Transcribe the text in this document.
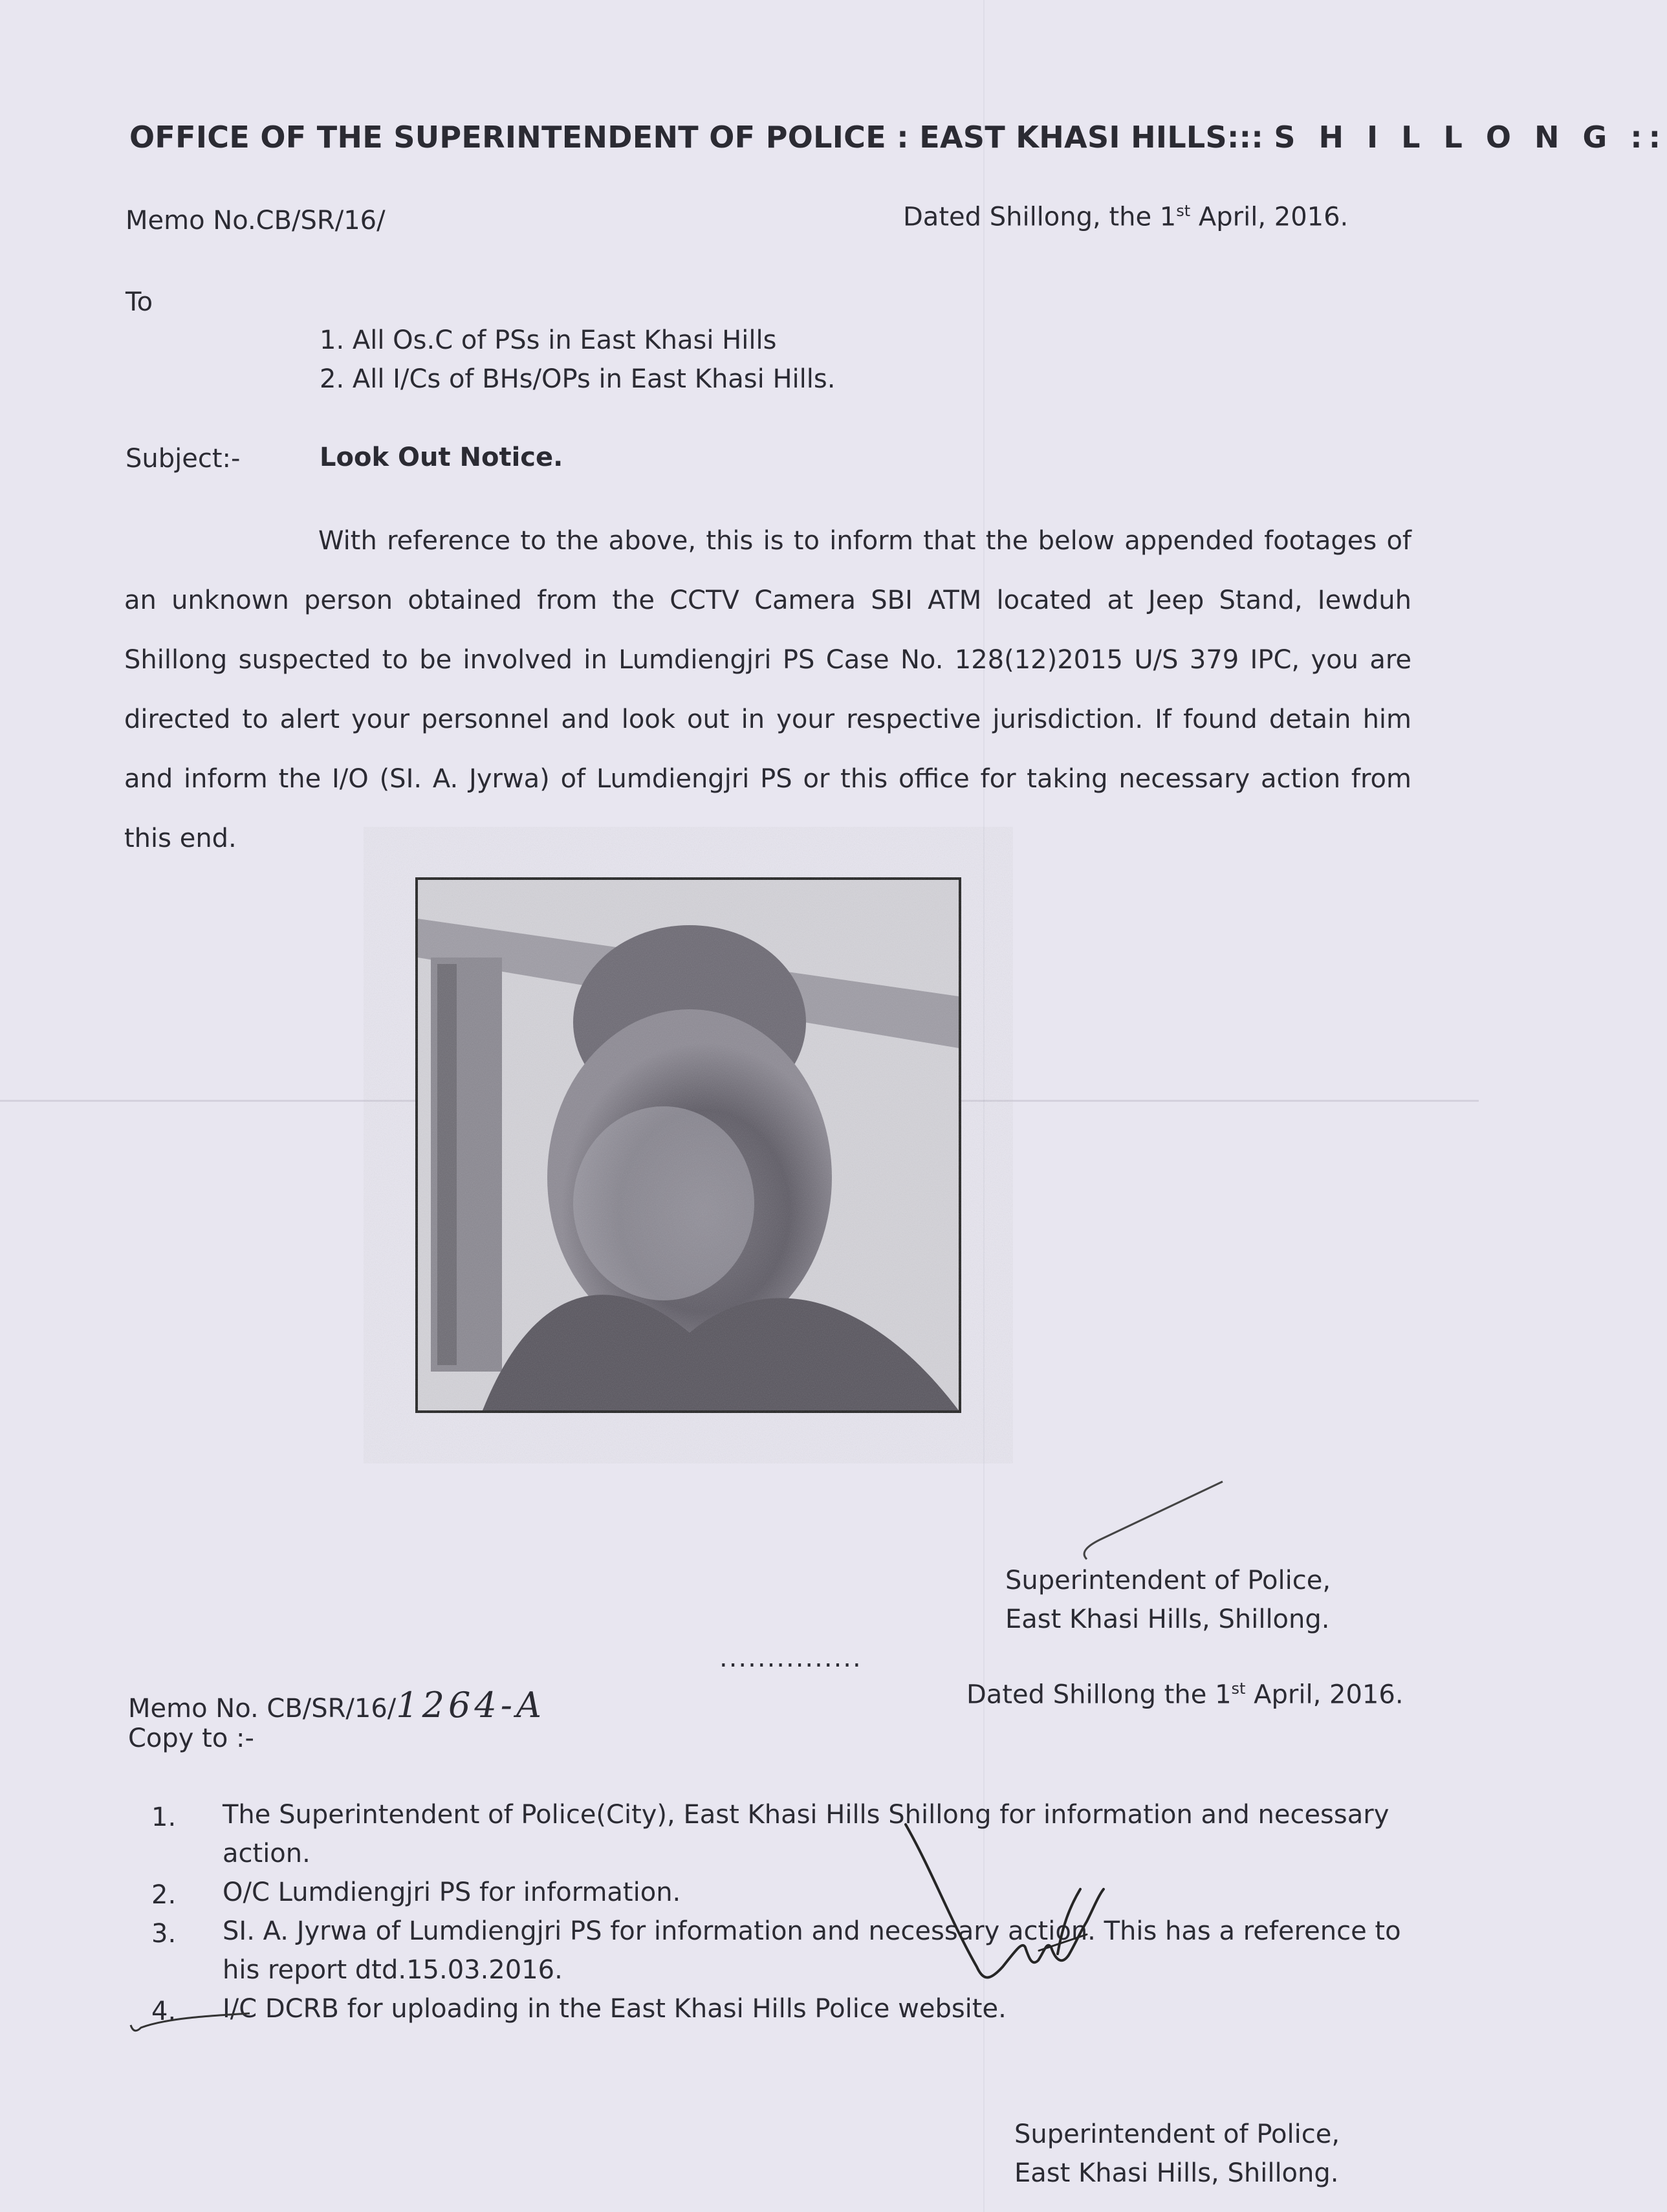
OFFICE OF THE SUPERINTENDENT OF POLICE : EAST KHASI HILLS::: S H I L L O N G ::
Memo No.CB/SR/16/	Dated Shillong, the 1st April, 2016.
To
1. All Os.C of PSs in East Khasi Hills
2. All I/Cs of BHs/OPs in East Khasi Hills.
Subject:-	Look Out Notice.
With reference to the above, this is to inform that the below appended footages of an unknown person obtained from the CCTV Camera SBI ATM located at Jeep Stand, Iewduh Shillong suspected to be involved in Lumdiengjri PS Case No. 128(12)2015 U/S 379 IPC, you are directed to alert your personnel and look out in your respective jurisdiction. If found detain him and inform the I/O (SI. A. Jyrwa) of Lumdiengjri PS or this office for taking necessary action from this end.
Superintendent of Police,
East Khasi Hills, Shillong.
...............
Memo No. CB/SR/16/1264-A	Dated Shillong the 1st April, 2016.
Copy to :-
1. The Superintendent of Police(City), East Khasi Hills Shillong for information and necessary
action.
2. O/C Lumdiengjri PS for information.
3. SI. A. Jyrwa of Lumdiengjri PS for information and necessary action. This has a reference to
his report dtd.15.03.2016.
4. I/C DCRB for uploading in the East Khasi Hills Police website.
Superintendent of Police,
East Khasi Hills, Shillong.
